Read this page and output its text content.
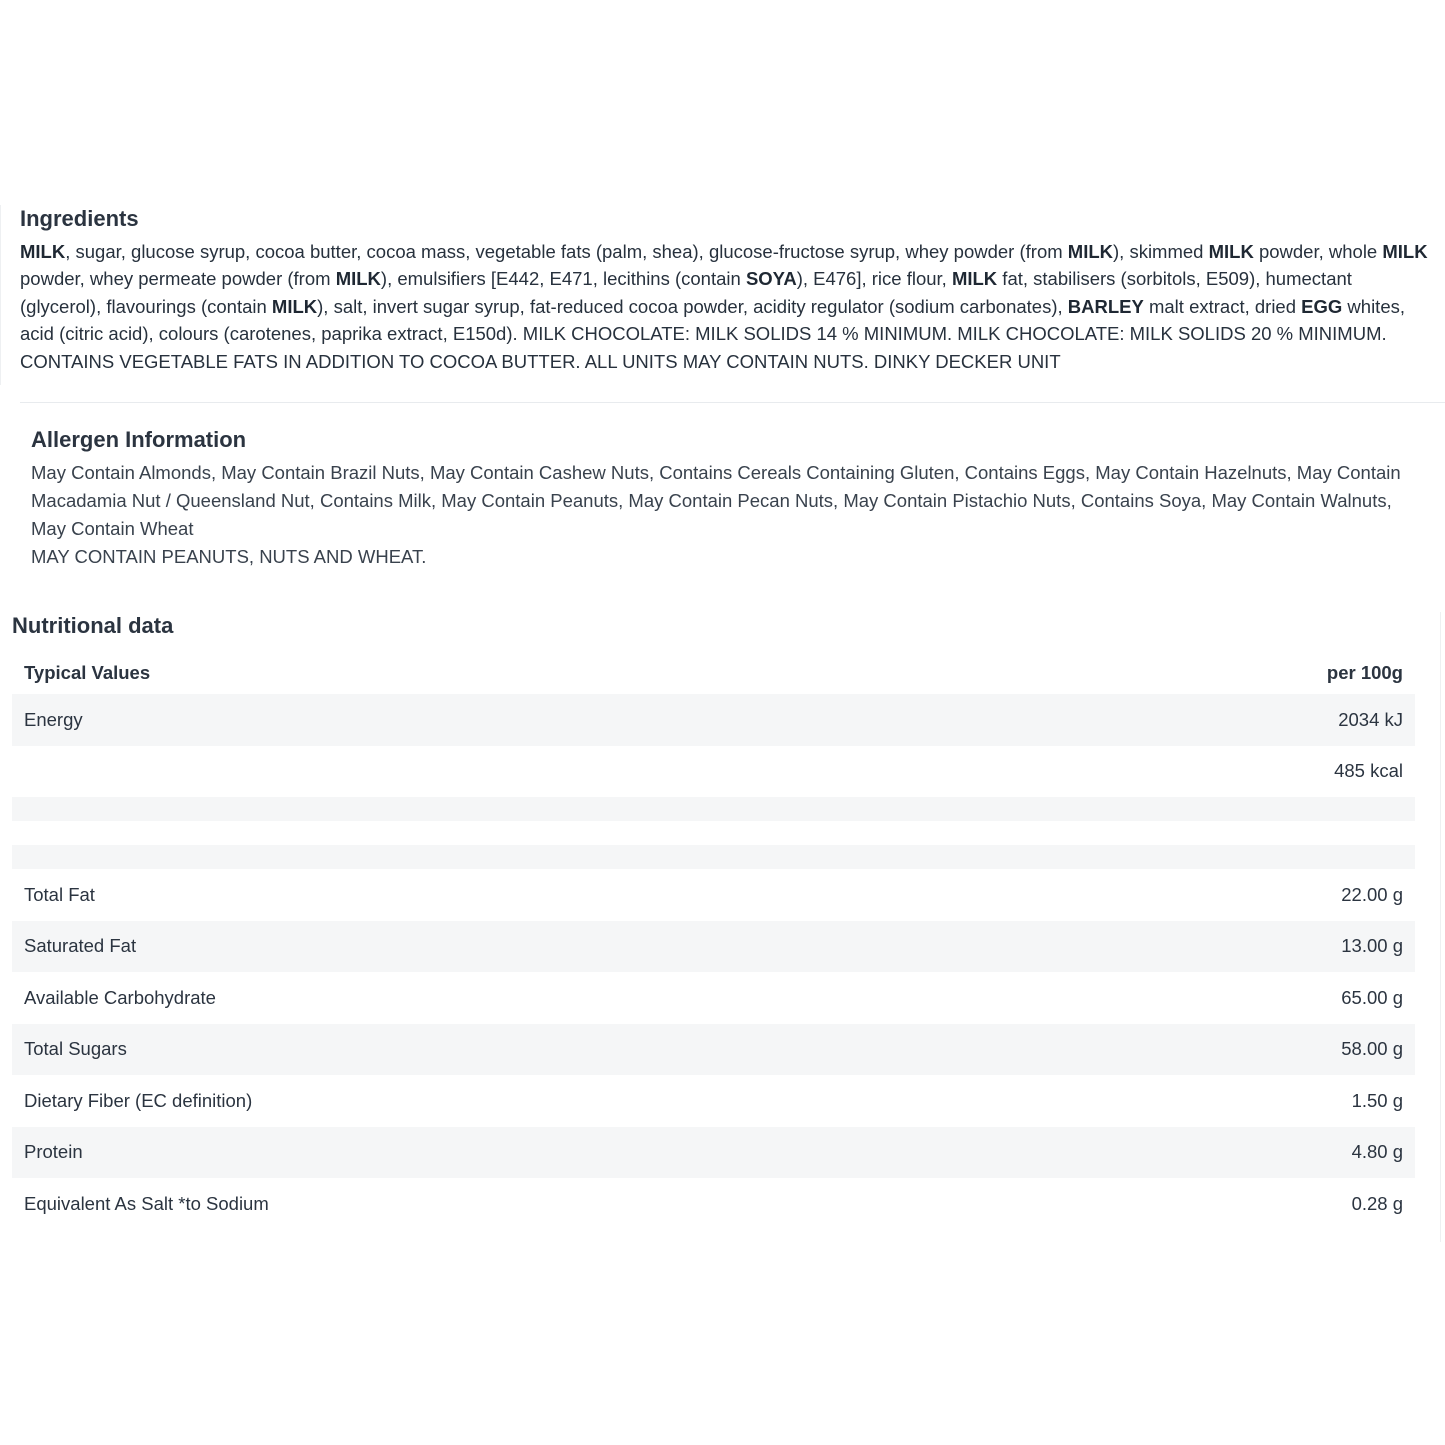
Ingredients

MILK, sugar, glucose syrup, cocoa butter, cocoa mass, vegetable fats (palm, shea), glucose-fructose syrup, whey powder (from MILK), skimmed MILK powder, whole MILK powder, whey permeate powder (from MILK), emulsifiers [E442, E471, lecithins (contain SOYA), E476], rice flour, MILK fat, stabilisers (sorbitols, E509), humectant (glycerol), flavourings (contain MILK), salt, invert sugar syrup, fat-reduced cocoa powder, acidity regulator (sodium carbonates), BARLEY malt extract, dried EGG whites, acid (citric acid), colours (carotenes, paprika extract, E150d). MILK CHOCOLATE: MILK SOLIDS 14 % MINIMUM. MILK CHOCOLATE: MILK SOLIDS 20 % MINIMUM. CONTAINS VEGETABLE FATS IN ADDITION TO COCOA BUTTER. ALL UNITS MAY CONTAIN NUTS. DINKY DECKER UNIT

Allergen Information

May Contain Almonds, May Contain Brazil Nuts, May Contain Cashew Nuts, Contains Cereals Containing Gluten, Contains Eggs, May Contain Hazelnuts, May Contain Macadamia Nut / Queensland Nut, Contains Milk, May Contain Peanuts, May Contain Pecan Nuts, May Contain Pistachio Nuts, Contains Soya, May Contain Walnuts, May Contain Wheat

MAY CONTAIN PEANUTS, NUTS AND WHEAT.

Nutritional data
Typical Values	per 100g
Energy	2034 kJ
	485 kcal

Total Fat	22.00 g
Saturated Fat	13.00 g
Available Carbohydrate	65.00 g
Total Sugars	58.00 g
Dietary Fiber (EC definition)	1.50 g
Protein	4.80 g
Equivalent As Salt *to Sodium	0.28 g
